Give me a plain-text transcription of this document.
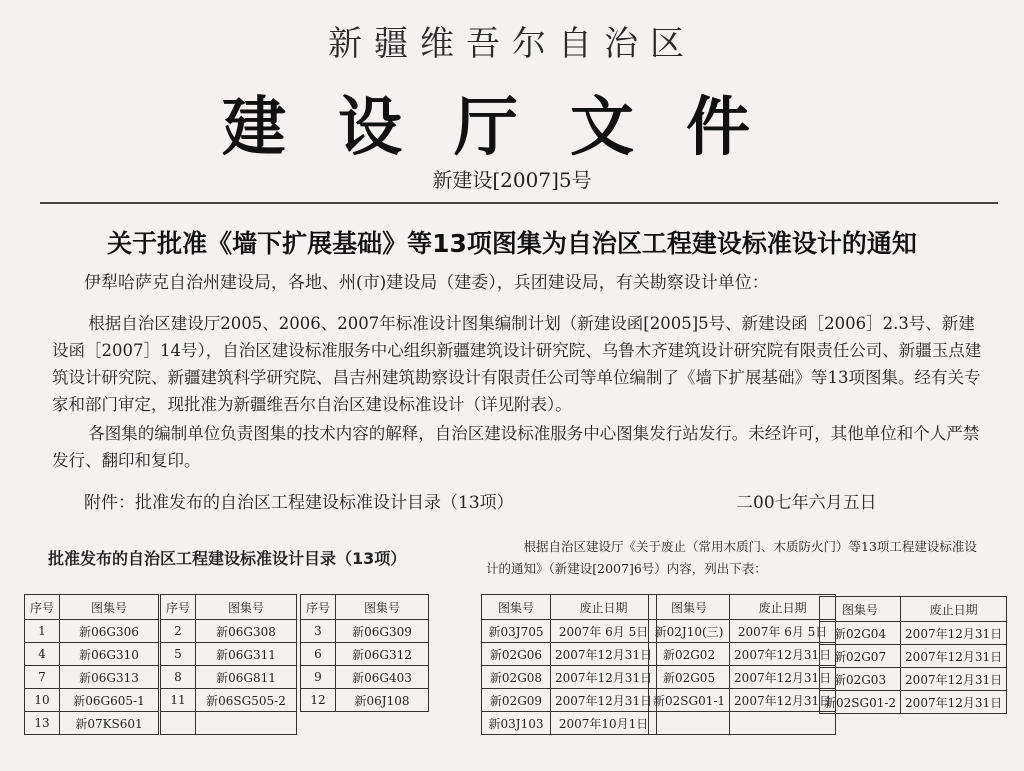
新疆维吾尔自治区
建设厅文件
新建设[2007]5号
关于批准《墙下扩展基础》等13项图集为自治区工程建设标准设计的通知
伊犁哈萨克自治州建设局，各地、州(市)建设局（建委），兵团建设局，有关勘察设计单位：
根据自治区建设厅2005、2006、2007年标准设计图集编制计划（新建设函[2005]5号、新建设函［2006］2.3号、新建设函［2007］14号），自治区建设标准服务中心组织新疆建筑设计研究院、乌鲁木齐建筑设计研究院有限责任公司、新疆玉点建筑设计研究院、新疆建筑科学研究院、昌吉州建筑勘察设计有限责任公司等单位编制了《墙下扩展基础》等13项图集。经有关专家和部门审定，现批准为新疆维吾尔自治区建设标准设计（详见附表）。
各图集的编制单位负责图集的技术内容的解释，自治区建设标准服务中心图集发行站发行。未经许可，其他单位和个人严禁发行、翻印和复印。
附件：批准发布的自治区工程建设标准设计目录（13项）	二00七年六月五日
批准发布的自治区工程建设标准设计目录（13项）
根据自治区建设厅《关于废止（常用木质门、木质防火门）等13项工程建设标准设计的通知》（新建设[2007]6号）内容，列出下表：
序号	图集号
1	新06G306
4	新06G310
7	新06G313
10	新06G605-1
13	新07KS601
序号	图集号
2	新06G308
5	新06G311
8	新06G811
11	新06SG505-2

序号	图集号
3	新06G309
6	新06G312
9	新06G403
12	新06J108
图集号	废止日期
新03J705	2007年 6月 5日
新02G06	2007年12月31日
新02G08	2007年12月31日
新02G09	2007年12月31日
新03J103	2007年10月1日
图集号	废止日期
新02J10(三)	2007年 6月 5日
新02G02	2007年12月31日
新02G05	2007年12月31日
新02SG01-1	2007年12月31日

图集号	废止日期
新02G04	2007年12月31日
新02G07	2007年12月31日
新02G03	2007年12月31日
新02SG01-2	2007年12月31日
